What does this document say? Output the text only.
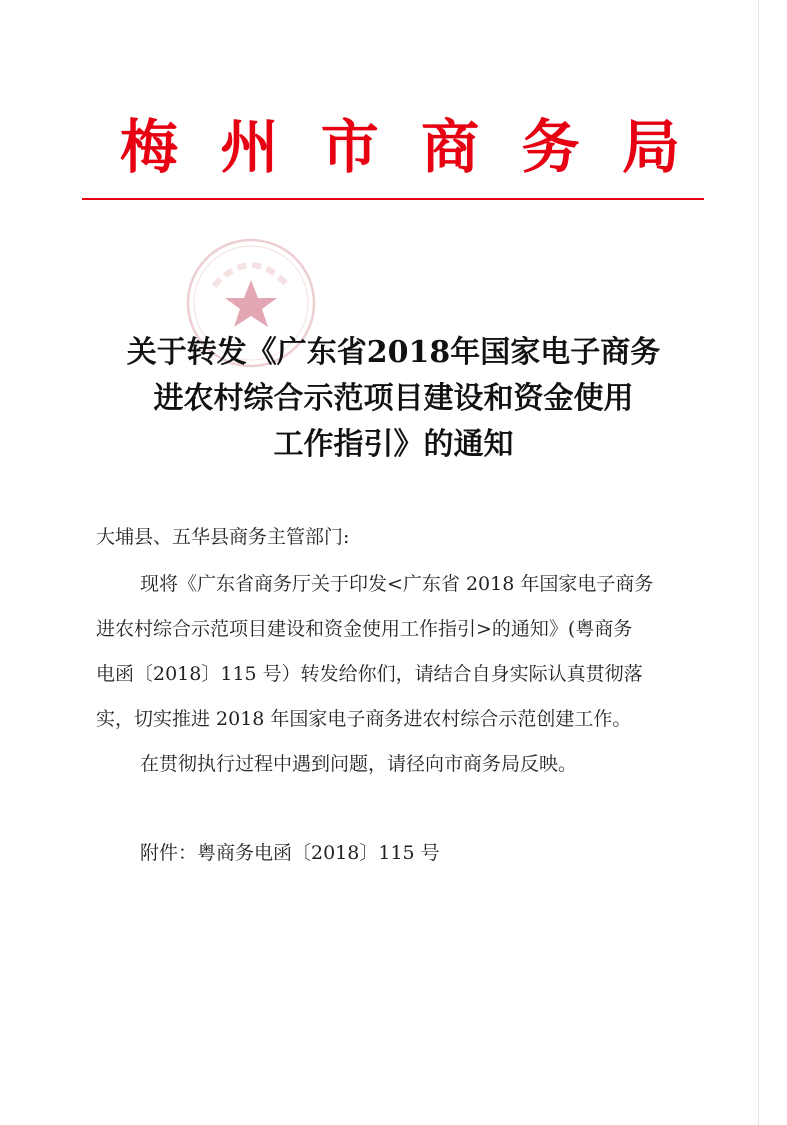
梅 州 市 商 务 局
关于转发《广东省2018年国家电子商务
进农村综合示范项目建设和资金使用
工作指引》的通知
大埔县、五华县商务主管部门:
现将《广东省商务厅关于印发<广东省 2018 年国家电子商务
进农村综合示范项目建设和资金使用工作指引>的通知》(粤商务
电函〔2018〕115 号）转发给你们，请结合自身实际认真贯彻落
实，切实推进 2018 年国家电子商务进农村综合示范创建工作。
在贯彻执行过程中遇到问题，请径向市商务局反映。
附件：粤商务电函〔2018〕115 号
